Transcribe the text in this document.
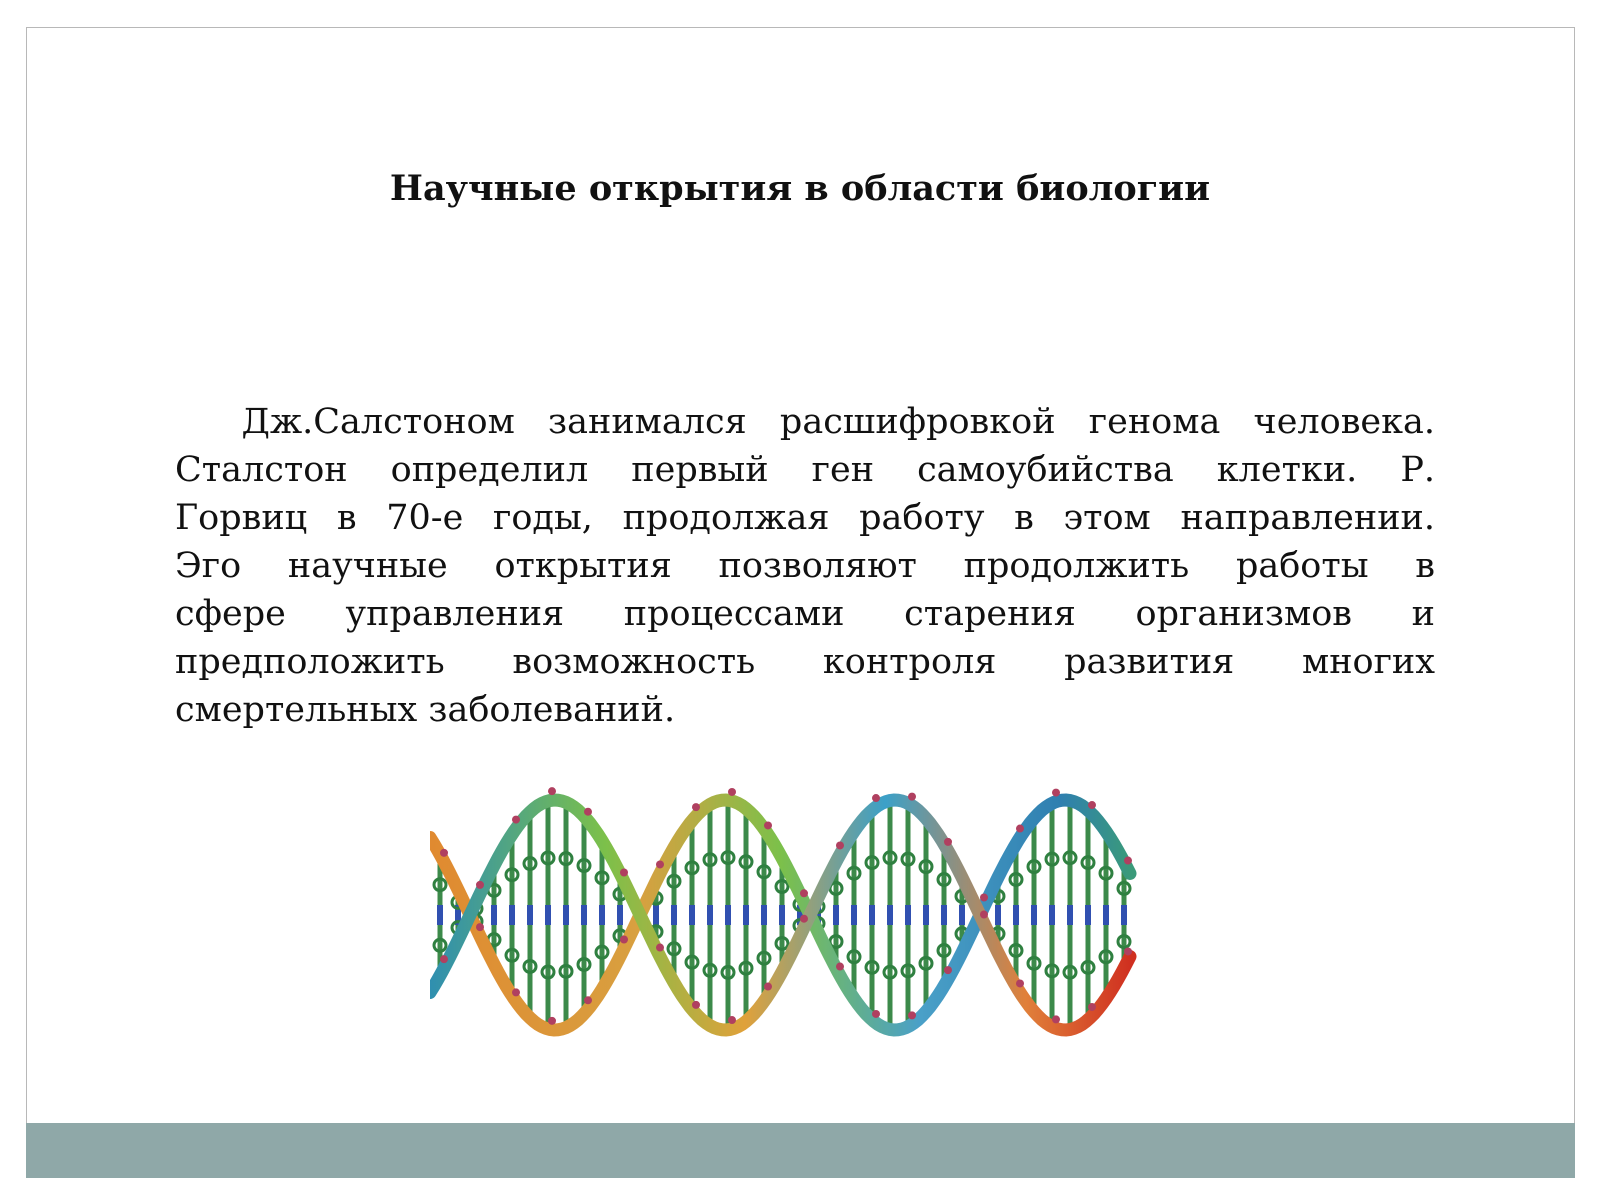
Научные открытия в области биологии
Дж.Салстоном занимался расшифровкой генома человека.
Сталстон определил первый ген самоубийства клетки. Р.
Горвиц в 70-е годы, продолжая работу в этом направлении.
Эго научные открытия позволяют продолжить работы в
сфере управления процессами старения организмов и
предположить возможность контроля развития многих
смертельных заболеваний.
